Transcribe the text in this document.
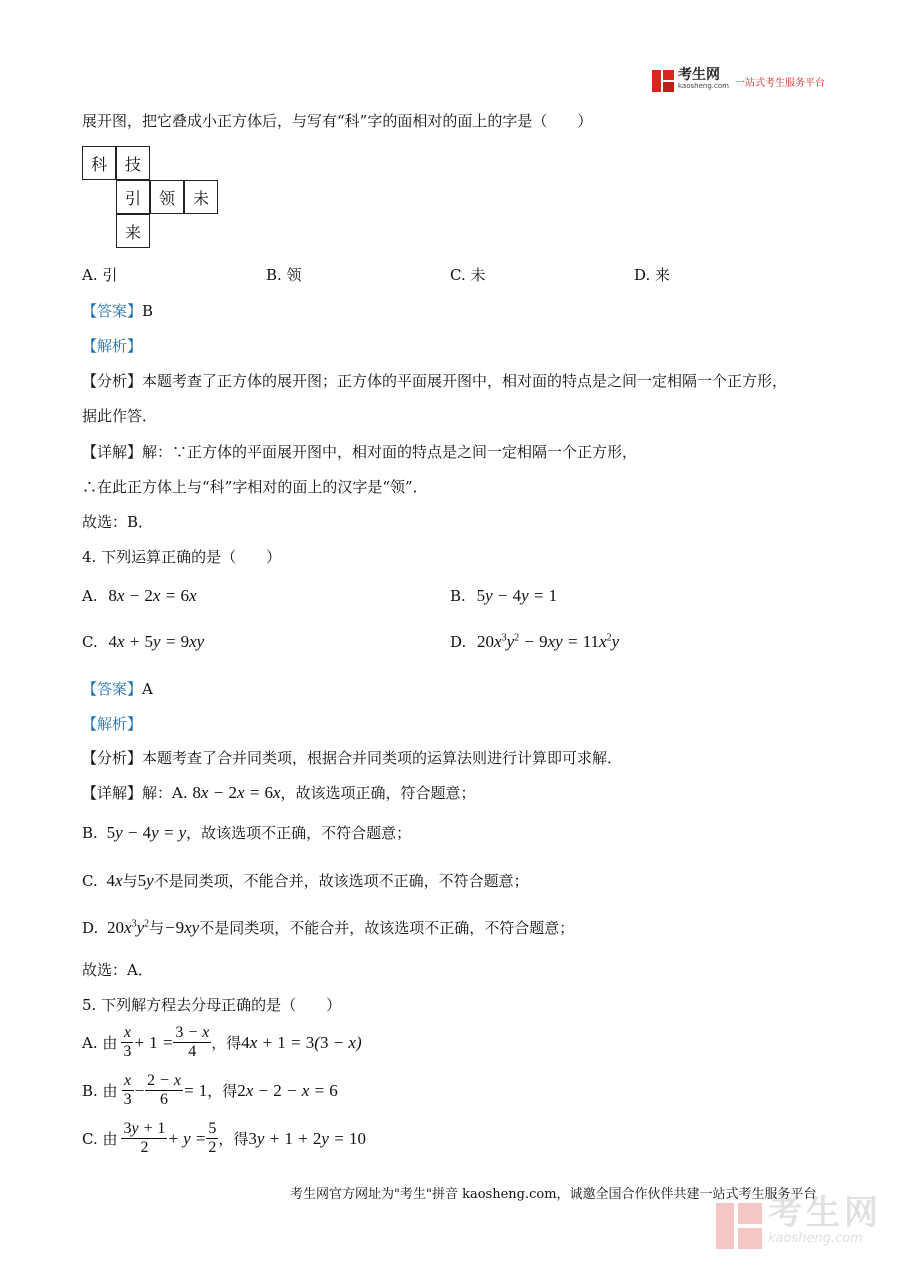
考生网
kaosheng.com 一站式考生服务平台
展开图，把它叠成小正方体后，与写有“科”字的面相对的面上的字是（　　）
科	技
引	领	未
来
A. 引	B. 领	C. 未	D. 来
【答案】B
【解析】
【分析】本题考查了正方体的展开图；正方体的平面展开图中，相对面的特点是之间一定相隔一个正方形，
据此作答．
【详解】解：∵正方体的平面展开图中，相对面的特点是之间一定相隔一个正方形，
∴在此正方体上与“科”字相对的面上的汉字是“领”．
故选：B．
4. 下列运算正确的是（　　）
A. 8x − 2x = 6x	B. 5y − 4y = 1
C. 4x + 5y = 9xy	D. $20x^3y^2 - 9xy = 11x^2y$
【答案】A
【解析】
【分析】本题考查了合并同类项，根据合并同类项的运算法则进行计算即可求解．
【详解】解：A. 8x − 2x = 6x，故该选项正确，符合题意；
B. 5y − 4y = y，故该选项不正确，不符合题意；
C. 4x与5y不是同类项，不能合并，故该选项不正确，不符合题意；
D. $20x^3y^2$与−9xy不是同类项，不能合并，故该选项不正确，不符合题意；
故选：A．
5. 下列解方程去分母正确的是（　　）
A. 由 $\frac{x}{3} + 1 = \frac{3 - x}{4}$ ，得 4x + 1 = 3(3 − x)
B. 由 $\frac{x}{3} - \frac{2 - x}{6} = 1$ ，得 2x − 2 − x = 6
C. 由 $\frac{3y + 1}{2} + y = \frac{5}{2}$ ，得 3y + 1 + 2y = 10
考生网官方网址为"考生"拼音 kaosheng.com，诚邀全国合作伙伴共建一站式考生服务平台
考生网
kaosheng.com
